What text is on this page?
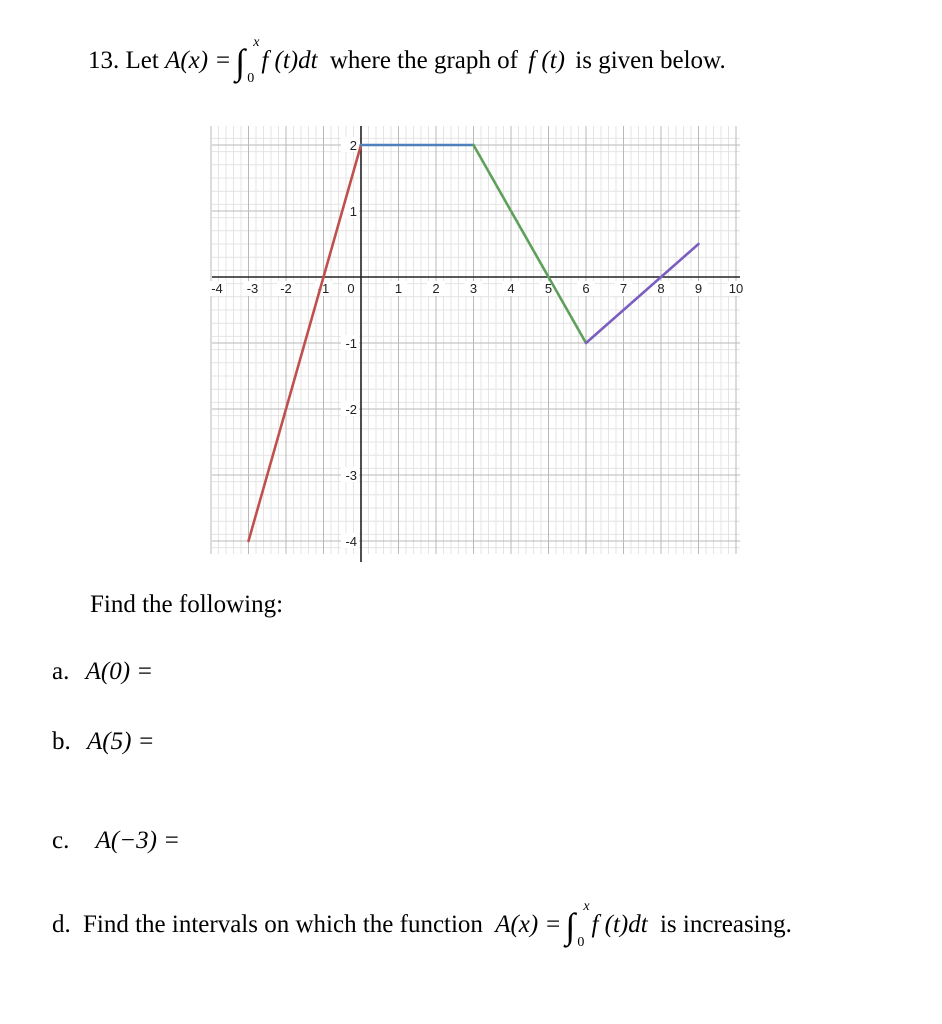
13. Let A(x) = ∫ x
0
f (t)dt where the graph of f (t) is given below.
-4 -3 -2 -1 0	1 2 3 4 5 6 7 8 9 10
2
1
-1
-2
-3
-4
Find the following:
a. A(0) =
b. A(5) =
c. A(−3) =
d. Find the intervals on which the function A(x) = ∫ x
0
f (t)dt is increasing.
